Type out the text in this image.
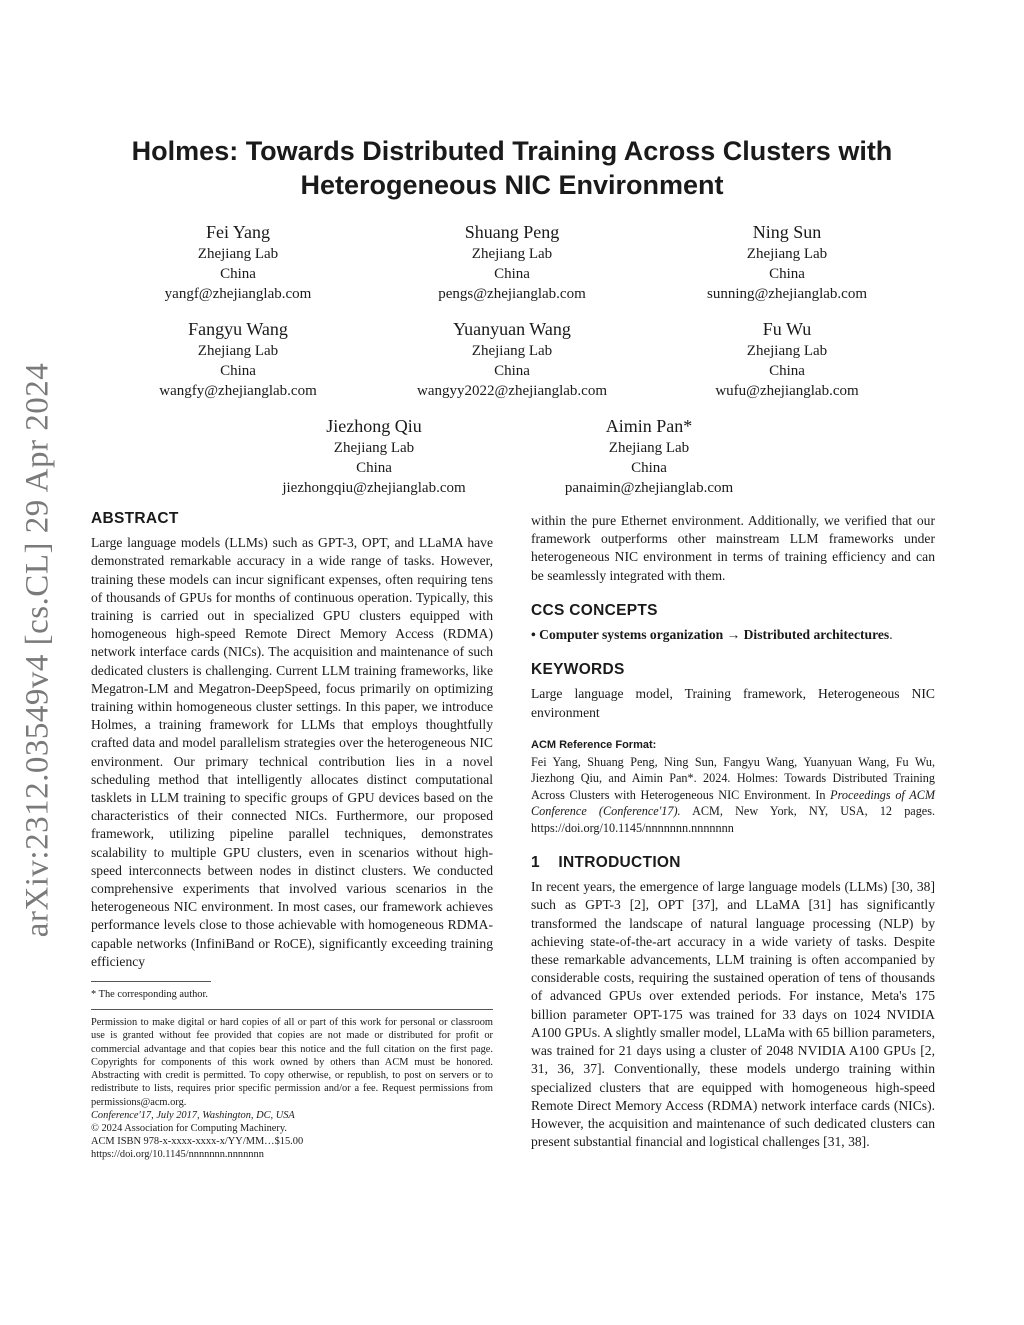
arXiv:2312.03549v4 [cs.CL] 29 Apr 2024
Holmes: Towards Distributed Training Across Clusters with
Heterogeneous NIC Environment
Fei Yang
Zhejiang Lab
China
yangf@zhejianglab.com
Shuang Peng
Zhejiang Lab
China
pengs@zhejianglab.com
Ning Sun
Zhejiang Lab
China
sunning@zhejianglab.com
Fangyu Wang
Zhejiang Lab
China
wangfy@zhejianglab.com
Yuanyuan Wang
Zhejiang Lab
China
wangyy2022@zhejianglab.com
Fu Wu
Zhejiang Lab
China
wufu@zhejianglab.com
Jiezhong Qiu
Zhejiang Lab
China
jiezhongqiu@zhejianglab.com
Aimin Pan*
Zhejiang Lab
China
panaimin@zhejianglab.com
ABSTRACT

Large language models (LLMs) such as GPT-3, OPT, and LLaMA have demonstrated remarkable accuracy in a wide range of tasks. However, training these models can incur significant expenses, often requiring tens of thousands of GPUs for months of continuous operation. Typically, this training is carried out in specialized GPU clusters equipped with homogeneous high-speed Remote Direct Memory Access (RDMA) network interface cards (NICs). The acquisition and maintenance of such dedicated clusters is challenging. Current LLM training frameworks, like Megatron-LM and Megatron-DeepSpeed, focus primarily on optimizing training within homogeneous cluster settings. In this paper, we introduce Holmes, a training framework for LLMs that employs thoughtfully crafted data and model parallelism strategies over the heterogeneous NIC environment. Our primary technical contribution lies in a novel scheduling method that intelligently allocates distinct computational tasklets in LLM training to specific groups of GPU devices based on the characteristics of their connected NICs. Furthermore, our proposed framework, utilizing pipeline parallel techniques, demonstrates scalability to multiple GPU clusters, even in scenarios without high-speed interconnects between nodes in distinct clusters. We conducted comprehensive experiments that involved various scenarios in the heterogeneous NIC environment. In most cases, our framework achieves performance levels close to those achievable with homogeneous RDMA-capable networks (InfiniBand or RoCE), significantly exceeding training efficiency

* The corresponding author.

Permission to make digital or hard copies of all or part of this work for personal or classroom use is granted without fee provided that copies are not made or distributed for profit or commercial advantage and that copies bear this notice and the full citation on the first page. Copyrights for components of this work owned by others than ACM must be honored. Abstracting with credit is permitted. To copy otherwise, or republish, to post on servers or to redistribute to lists, requires prior specific permission and/or a fee. Request permissions from permissions@acm.org.

Conference'17, July 2017, Washington, DC, USA

© 2024 Association for Computing Machinery.

ACM ISBN 978-x-xxxx-xxxx-x/YY/MM…$15.00

https://doi.org/10.1145/nnnnnnn.nnnnnnn

within the pure Ethernet environment. Additionally, we verified that our framework outperforms other mainstream LLM frameworks under heterogeneous NIC environment in terms of training efficiency and can be seamlessly integrated with them.

CCS CONCEPTS

• Computer systems organization → Distributed architectures.

KEYWORDS

Large language model, Training framework, Heterogeneous NIC environment

ACM Reference Format:

Fei Yang, Shuang Peng, Ning Sun, Fangyu Wang, Yuanyuan Wang, Fu Wu, Jiezhong Qiu, and Aimin Pan*. 2024. Holmes: Towards Distributed Training Across Clusters with Heterogeneous NIC Environment. In Proceedings of ACM Conference (Conference'17). ACM, New York, NY, USA, 12 pages. https://doi.org/10.1145/nnnnnnn.nnnnnnn

1    INTRODUCTION

In recent years, the emergence of large language models (LLMs) [30, 38] such as GPT-3 [2], OPT [37], and LLaMA [31] has significantly transformed the landscape of natural language processing (NLP) by achieving state-of-the-art accuracy in a wide variety of tasks. Despite these remarkable advancements, LLM training is often accompanied by considerable costs, requiring the sustained operation of tens of thousands of advanced GPUs over extended periods. For instance, Meta's 175 billion parameter OPT-175 was trained for 33 days on 1024 NVIDIA A100 GPUs. A slightly smaller model, LLaMa with 65 billion parameters, was trained for 21 days using a cluster of 2048 NVIDIA A100 GPUs [2, 31, 36, 37]. Conventionally, these models undergo training within specialized clusters that are equipped with homogeneous high-speed Remote Direct Memory Access (RDMA) network interface cards (NICs). However, the acquisition and maintenance of such dedicated clusters can present substantial financial and logistical challenges [31, 38].
